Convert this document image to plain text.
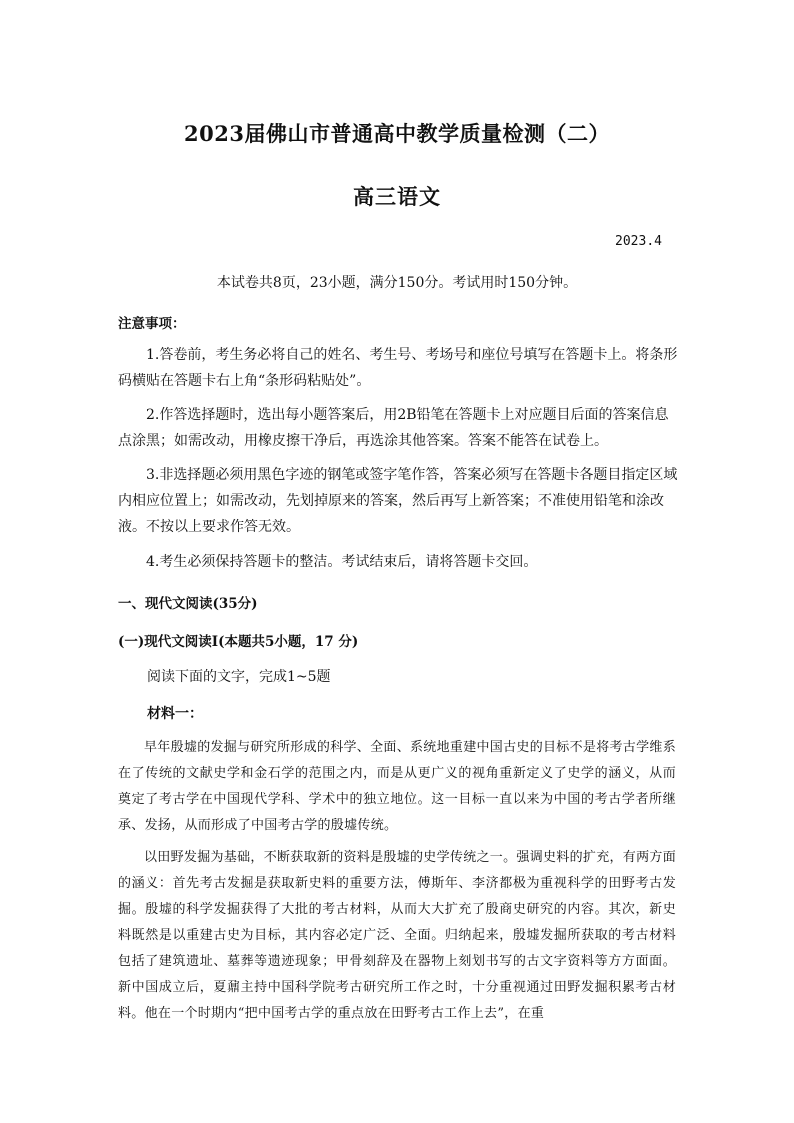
2023届佛山市普通高中教学质量检测（二）
高三语文
2023.4
本试卷共8页，23小题，满分150分。考试用时150分钟。
注意事项：

1.答卷前，考生务必将自己的姓名、考生号、考场号和座位号填写在答题卡上。将条形码横贴在答题卡右上角“条形码粘贴处”。

2.作答选择题时，选出每小题答案后，用2B铅笔在答题卡上对应题目后面的答案信息点涂黑；如需改动，用橡皮擦干净后，再选涂其他答案。答案不能答在试卷上。

3.非选择题必须用黑色字迹的钢笔或签字笔作答，答案必须写在答题卡各题目指定区域内相应位置上；如需改动，先划掉原来的答案，然后再写上新答案；不准使用铅笔和涂改液。不按以上要求作答无效。

4.考生必须保持答题卡的整洁。考试结束后，请将答题卡交回。

一、现代文阅读(35分)
(一)现代文阅读I(本题共5小题，17 分)
阅读下面的文字，完成1~5题
材料一：

早年殷墟的发掘与研究所形成的科学、全面、系统地重建中国古史的目标不是将考古学维系在了传统的文献史学和金石学的范围之内，而是从更广义的视角重新定义了史学的涵义，从而奠定了考古学在中国现代学科、学术中的独立地位。这一目标一直以来为中国的考古学者所继承、发扬，从而形成了中国考古学的殷墟传统。

以田野发掘为基础，不断获取新的资料是殷墟的史学传统之一。强调史料的扩充，有两方面的涵义：首先考古发掘是获取新史料的重要方法，傅斯年、李济都极为重视科学的田野考古发掘。殷墟的科学发掘获得了大批的考古材料，从而大大扩充了殷商史研究的内容。其次，新史料既然是以重建古史为目标，其内容必定广泛、全面。归纳起来，殷墟发掘所获取的考古材料包括了建筑遗址、墓葬等遗迹现象；甲骨刻辞及在器物上刻划书写的古文字资料等方方面面。新中国成立后，夏鼐主持中国科学院考古研究所工作之时，十分重视通过田野发掘积累考古材料。他在一个时期内“把中国考古学的重点放在田野考古工作上去”，在重
